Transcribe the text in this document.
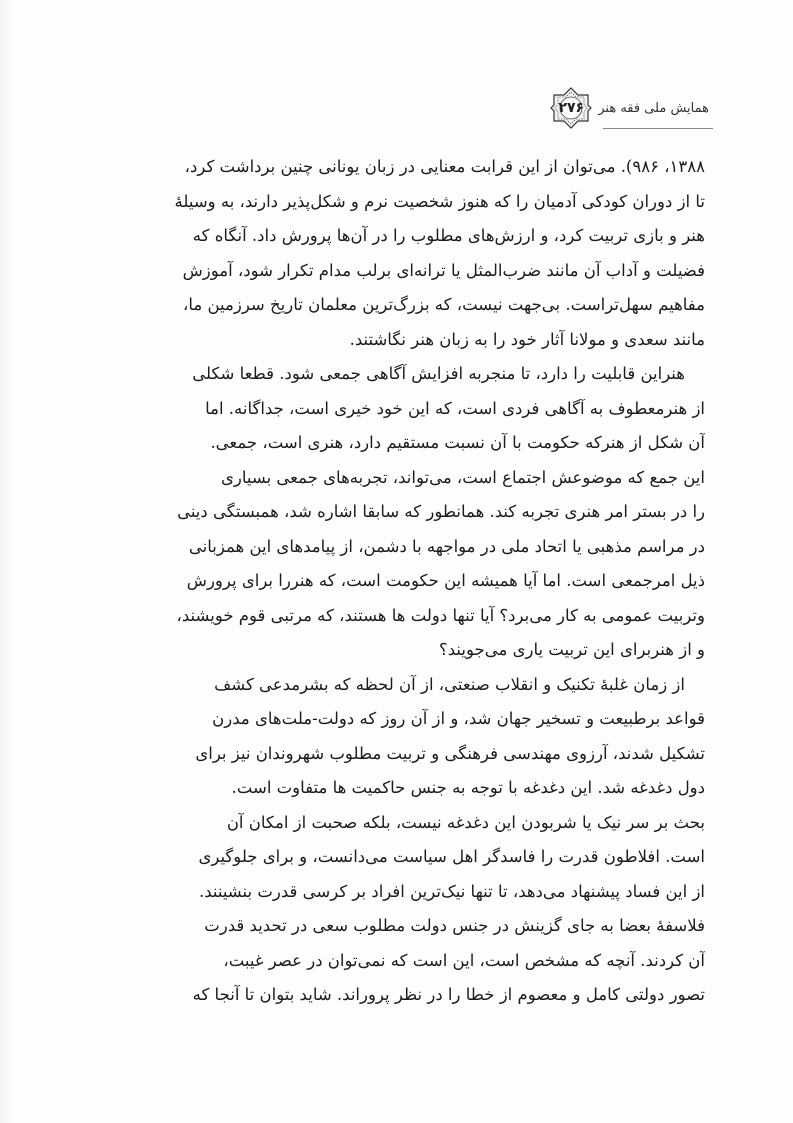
۲۷۶ همایش ملی فقه هنر

۱۳۸۸، ۹۸۶). می‌توان از این قرابت معنایی در زبان یونانی چنین برداشت کرد،
تا از دوران کودکی آدمیان را که هنوز شخصیت نرم و شکل‌پذیر دارند، به وسیلهٔ
هنر و بازی تربیت کرد، و ارزش‌های مطلوب را در آن‌ها پرورش داد. آنگاه که
فضیلت و آداب آن مانند ضرب‌المثل یا ترانه‌ای برلب مدام تکرار شود، آموزش
مفاهیم سهل‌تراست. بی‌جهت نیست، که بزرگ‌ترین معلمان تاریخ سرزمین ما،
مانند سعدی و مولانا آثار خود را به زبان هنر نگاشتند.

هنراین قابلیت را دارد، تا منجربه افزایش آگاهی جمعی شود. قطعا شکلی
از هنرمعطوف به آگاهی فردی است، که این خود خیری است، جداگانه. اما
آن شکل از هنرکه حکومت با آن نسبت مستقیم دارد، هنری است، جمعی.
این جمع که موضوعش اجتماع است، می‌تواند، تجربه‌های جمعی بسیاری
را در بستر امر هنری تجربه کند. همانطور که سابقا اشاره شد، همبستگی دینی
در مراسم مذهبی یا اتحاد ملی در مواجهه با دشمن، از پیامدهای این همزبانی
ذیل امرجمعی است. اما آیا همیشه این حکومت است، که هنررا برای پرورش
وتربیت عمومی به کار می‌برد؟ آیا تنها دولت ها هستند، که مرتبی قوم خویشند،
و از هنربرای این تربیت یاری می‌جویند؟

از زمان غلبهٔ تکنیک و انقلاب صنعتی، از آن لحظه که بشرمدعی کشف
قواعد برطبیعت و تسخیر جهان شد، و از آن روز که دولت-ملت‌های مدرن
تشکیل شدند، آرزوی مهندسی فرهنگی و تربیت مطلوب شهروندان نیز برای
دول دغدغه شد. این دغدغه با توجه به جنس حاکمیت ها متفاوت است.
بحث بر سر نیک یا شربودن این دغدغه نیست، بلکه صحبت از امکان آن
است. افلاطون قدرت را فاسدگر اهل سیاست می‌دانست، و برای جلوگیری
از این فساد پیشنهاد می‌دهد، تا تنها نیک‌ترین افراد بر کرسی قدرت بنشینند.
فلاسفهٔ بعضا به جای گزینش در جنس دولت مطلوب سعی در تحدید قدرت
آن کردند. آنچه که مشخص است، این است که نمی‌توان در عصر غیبت،
تصور دولتی کامل و معصوم از خطا را در نظر پروراند. شاید بتوان تا آنجا که
